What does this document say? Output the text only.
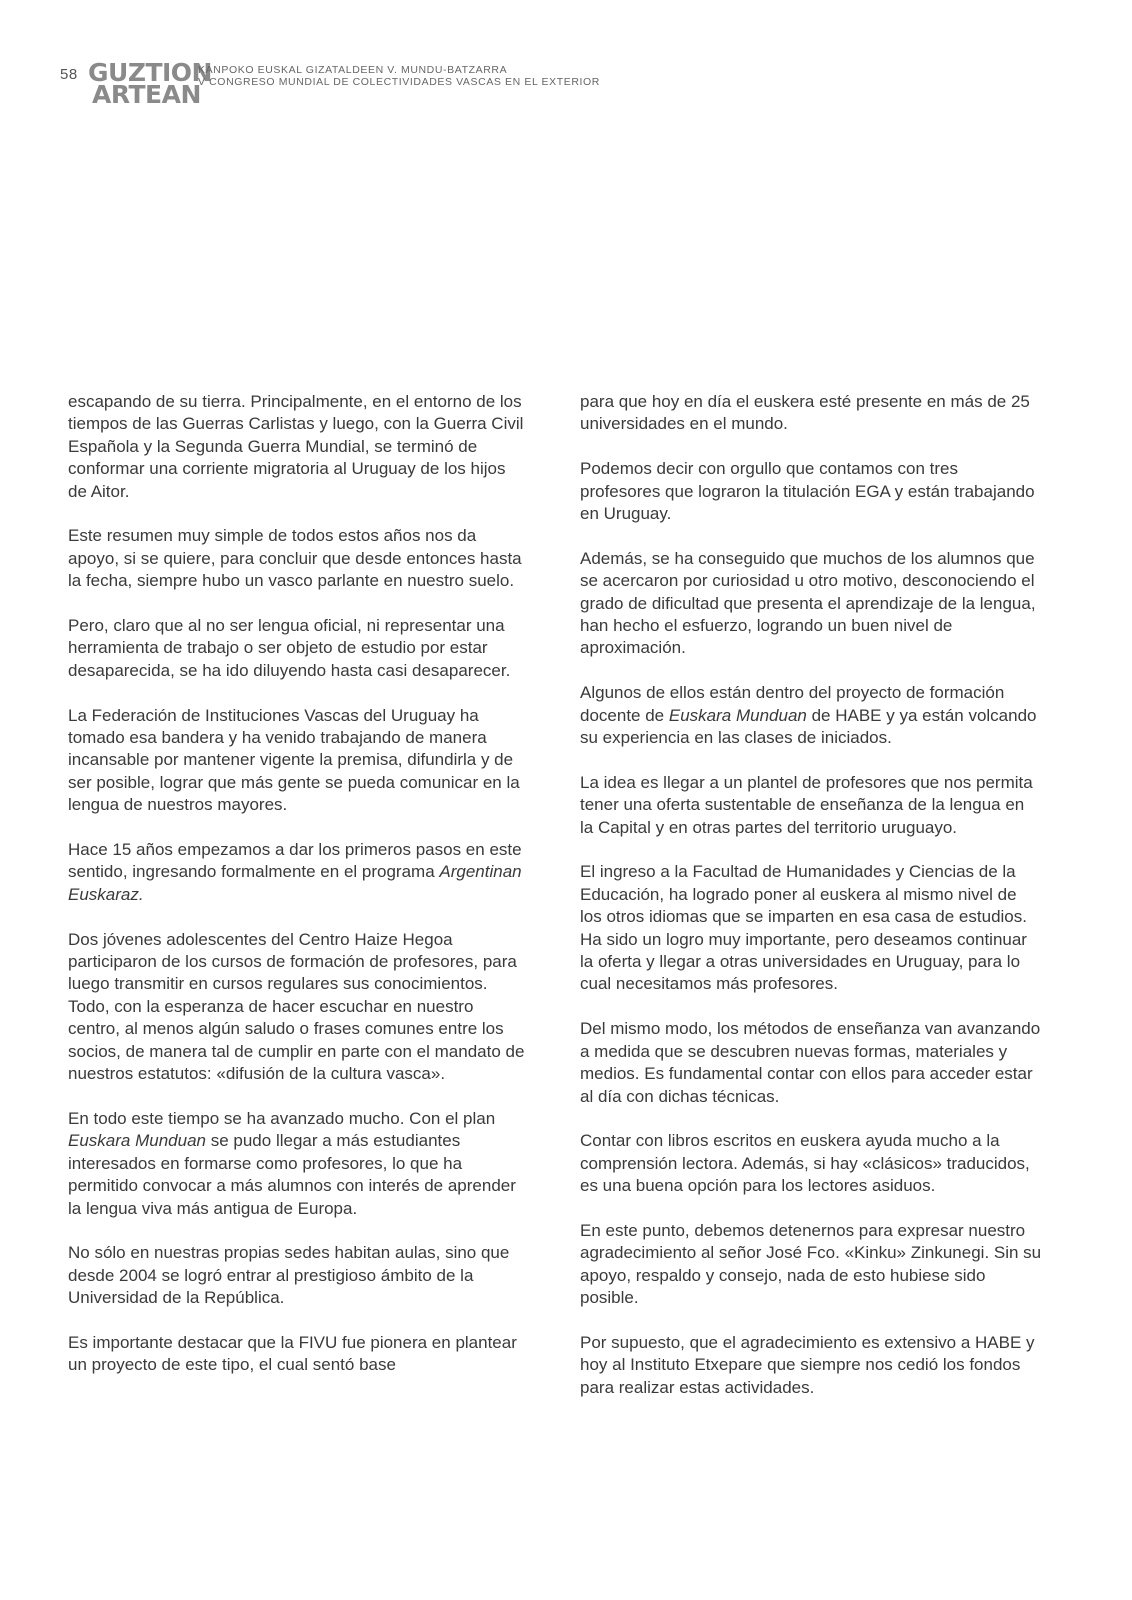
58 GUZTION
ARTEAN
KANPOKO EUSKAL GIZATALDEEN V. MUNDU-BATZARRA
V CONGRESO MUNDIAL DE COLECTIVIDADES VASCAS EN EL EXTERIOR

escapando de su tierra. Principalmente, en el entorno de los tiempos de las Guerras Carlistas y luego, con la Guerra Civil Española y la Segunda Guerra Mundial, se terminó de conformar una corriente migratoria al Uruguay de los hijos de Aitor.

Este resumen muy simple de todos estos años nos da apoyo, si se quiere, para concluir que desde entonces hasta la fecha, siempre hubo un vasco parlante en nuestro suelo.

Pero, claro que al no ser lengua oficial, ni representar una herramienta de trabajo o ser objeto de estudio por estar desaparecida, se ha ido diluyendo hasta casi desaparecer.

La Federación de Instituciones Vascas del Uruguay ha tomado esa bandera y ha venido trabajando de manera incansable por mantener vigente la premisa, difundirla y de ser posible, lograr que más gente se pueda comunicar en la lengua de nuestros mayores.

Hace 15 años empezamos a dar los primeros pasos en este sentido, ingresando formalmente en el programa Argentinan Euskaraz.

Dos jóvenes adolescentes del Centro Haize Hegoa participaron de los cursos de formación de profesores, para luego transmitir en cursos regulares sus conocimientos. Todo, con la esperanza de hacer escuchar en nuestro centro, al menos algún saludo o frases comunes entre los socios, de manera tal de cumplir en parte con el mandato de nuestros estatutos: «difusión de la cultura vasca».

En todo este tiempo se ha avanzado mucho. Con el plan Euskara Munduan se pudo llegar a más estudiantes interesados en formarse como profesores, lo que ha permitido convocar a más alumnos con interés de aprender la lengua viva más antigua de Europa.

No sólo en nuestras propias sedes habitan aulas, sino que desde 2004 se logró entrar al prestigioso ámbito de la Universidad de la República.

Es importante destacar que la FIVU fue pionera en plantear un proyecto de este tipo, el cual sentó base

para que hoy en día el euskera esté presente en más de 25 universidades en el mundo.

Podemos decir con orgullo que contamos con tres profesores que lograron la titulación EGA y están trabajando en Uruguay.

Además, se ha conseguido que muchos de los alumnos que se acercaron por curiosidad u otro motivo, desconociendo el grado de dificultad que presenta el aprendizaje de la lengua, han hecho el esfuerzo, logrando un buen nivel de aproximación.

Algunos de ellos están dentro del proyecto de formación docente de Euskara Munduan de HABE y ya están volcando su experiencia en las clases de iniciados.

La idea es llegar a un plantel de profesores que nos permita tener una oferta sustentable de enseñanza de la lengua en la Capital y en otras partes del territorio uruguayo.

El ingreso a la Facultad de Humanidades y Ciencias de la Educación, ha logrado poner al euskera al mismo nivel de los otros idiomas que se imparten en esa casa de estudios. Ha sido un logro muy importante, pero deseamos continuar la oferta y llegar a otras universidades en Uruguay, para lo cual necesitamos más profesores.

Del mismo modo, los métodos de enseñanza van avanzando a medida que se descubren nuevas formas, materiales y medios. Es fundamental contar con ellos para acceder estar al día con dichas técnicas.

Contar con libros escritos en euskera ayuda mucho a la comprensión lectora. Además, si hay «clásicos» traducidos, es una buena opción para los lectores asiduos.

En este punto, debemos detenernos para expresar nuestro agradecimiento al señor José Fco. «Kinku» Zinkunegi. Sin su apoyo, respaldo y consejo, nada de esto hubiese sido posible.

Por supuesto, que el agradecimiento es extensivo a HABE y hoy al Instituto Etxepare que siempre nos cedió los fondos para realizar estas actividades.
